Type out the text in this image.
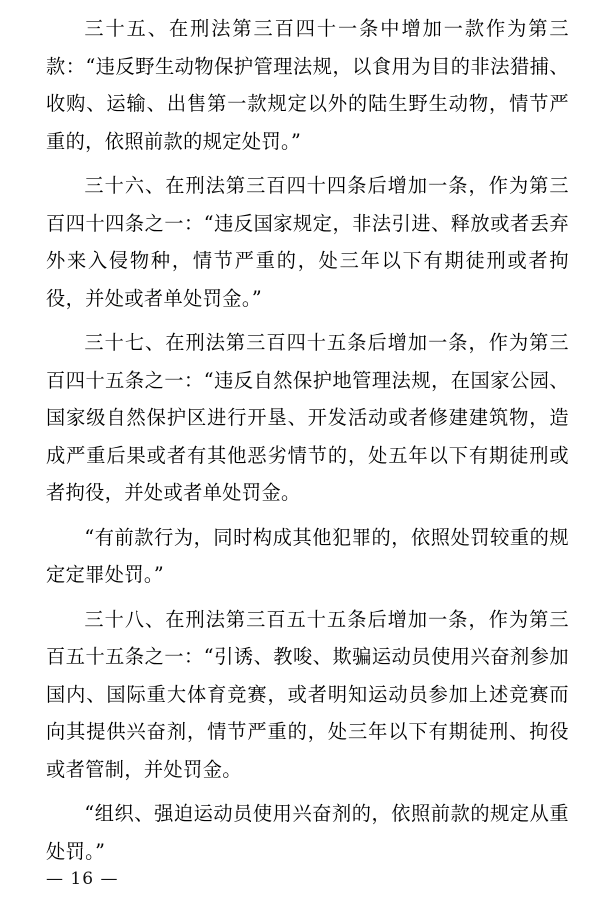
三十五、在刑法第三百四十一条中增加一款作为第三款：“违反野生动物保护管理法规，以食用为目的非法猎捕、收购、运输、出售第一款规定以外的陆生野生动物，情节严重的，依照前款的规定处罚。”

三十六、在刑法第三百四十四条后增加一条，作为第三百四十四条之一：“违反国家规定，非法引进、释放或者丢弃外来入侵物种，情节严重的，处三年以下有期徒刑或者拘役，并处或者单处罚金。”

三十七、在刑法第三百四十五条后增加一条，作为第三百四十五条之一：“违反自然保护地管理法规，在国家公园、国家级自然保护区进行开垦、开发活动或者修建建筑物，造成严重后果或者有其他恶劣情节的，处五年以下有期徒刑或者拘役，并处或者单处罚金。

“有前款行为，同时构成其他犯罪的，依照处罚较重的规定定罪处罚。”

三十八、在刑法第三百五十五条后增加一条，作为第三百五十五条之一：“引诱、教唆、欺骗运动员使用兴奋剂参加国内、国际重大体育竞赛，或者明知运动员参加上述竞赛而向其提供兴奋剂，情节严重的，处三年以下有期徒刑、拘役或者管制，并处罚金。

“组织、强迫运动员使用兴奋剂的，依照前款的规定从重处罚。”

— 16 —
